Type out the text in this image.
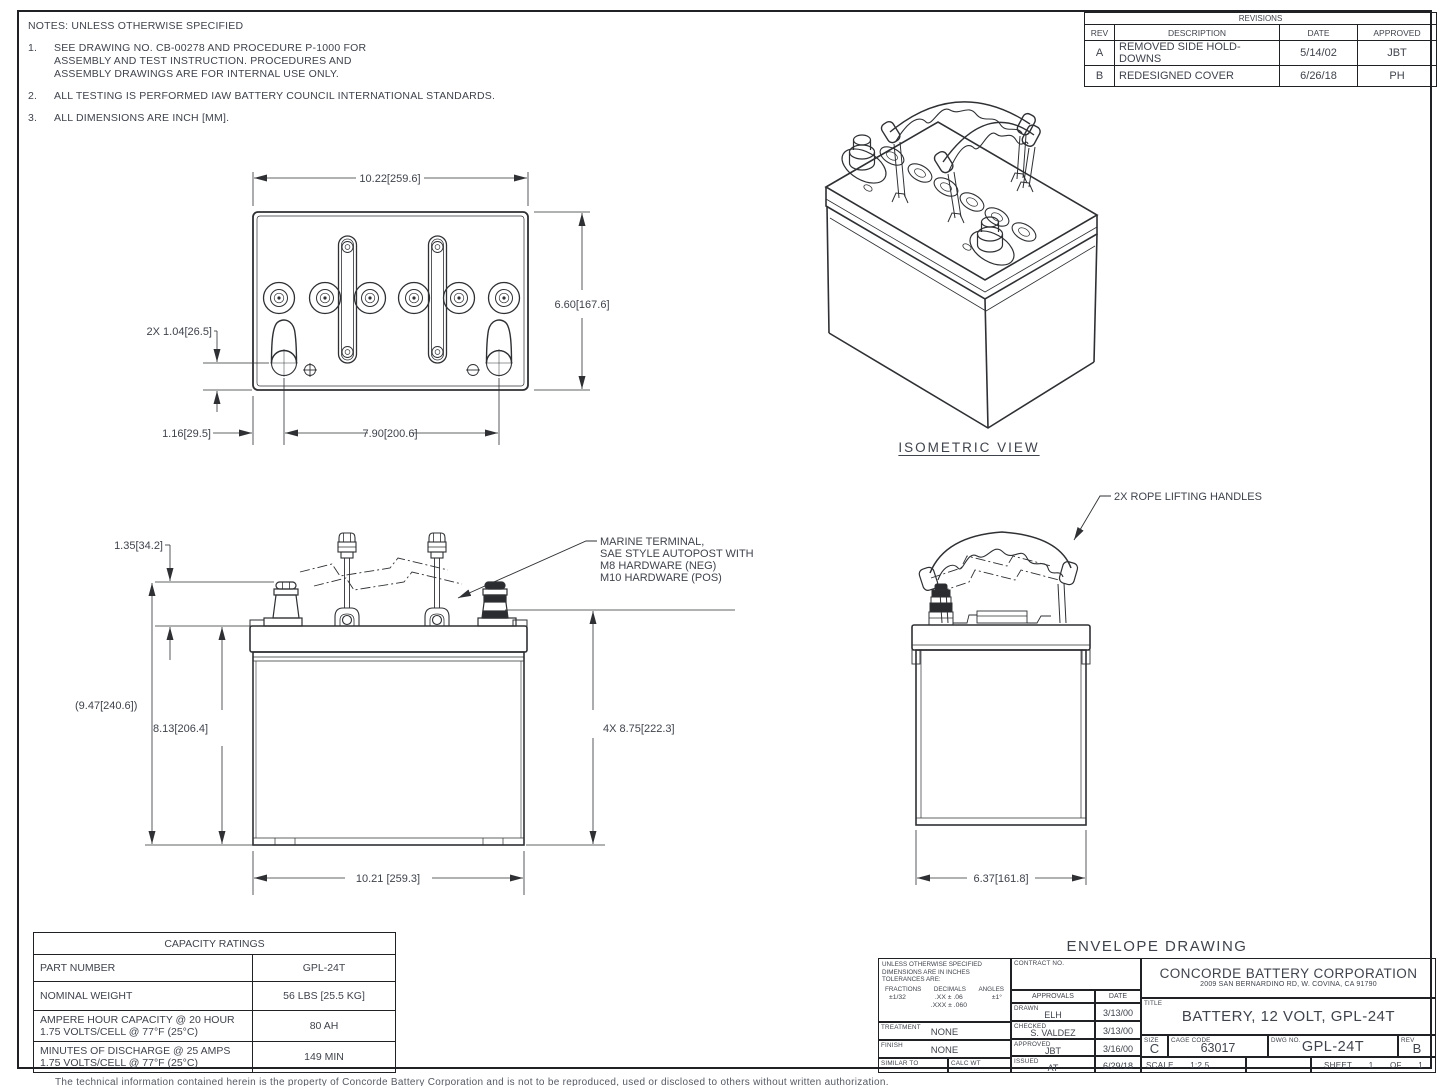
NOTES: UNLESS OTHERWISE SPECIFIED
1.	SEE DRAWING NO. CB-00278 AND PROCEDURE P-1000 FOR ASSEMBLY AND TEST INSTRUCTION. PROCEDURES AND ASSEMBLY DRAWINGS ARE FOR INTERNAL USE ONLY.
2.	ALL TESTING IS PERFORMED IAW BATTERY COUNCIL INTERNATIONAL STANDARDS.
3.	ALL DIMENSIONS ARE INCH [MM].
REVISIONS			
REV	DESCRIPTION	DATE	APPROVED
A	REMOVED SIDE HOLD-DOWNS	5/14/02	JBT
B	REDESIGNED COVER	6/26/18	PH
10.22[259.6]
6.60[167.6]
2X 1.04[26.5]
1.16[29.5]	7.90[200.6]
ISOMETRIC VIEW
1.35[34.2]
(9.47[240.6])
8.13[206.4]	4X 8.75[222.3]
10.21 [259.3]
MARINE TERMINAL,
SAE STYLE AUTOPOST WITH
M8 HARDWARE (NEG)
M10 HARDWARE (POS)
2X ROPE LIFTING HANDLES
6.37[161.8]
CAPACITY RATINGS	
PART NUMBER	GPL-24T
NOMINAL WEIGHT	56 LBS [25.5 KG]
AMPERE HOUR CAPACITY @ 20 HOUR
1.75 VOLTS/CELL @ 77°F (25°C)	80 AH
MINUTES OF DISCHARGE @ 25 AMPS
1.75 VOLTS/CELL @ 77°F (25°C)	149 MIN
ENVELOPE DRAWING
UNLESS OTHERWISE SPECIFIED
DIMENSIONS ARE IN INCHES
TOLERANCES ARE:
FRACTIONS DECIMALS ANGLES
±1/32	.XX ± .06
.XXX ± .060
±1°
TREATMENT	NONE
FINISH	NONE
SIMILAR TO	CALC WT
CONTRACT NO.
APPROVALS	DATE
DRAWN
ELH	3/13/00
CHECKED
S. VALDEZ	3/13/00
APPROVED
JBT	3/16/00
ISSUED
AT	6/29/18
CONCORDE BATTERY CORPORATION
2009 SAN BERNARDINO RD, W. COVINA, CA 91790
TITLE
BATTERY, 12 VOLT, GPL-24T
SIZE
C
CAGE CODE
63017
DWG NO. GPL-24T	REV
B
SCALE 1:2.5	SHEET 1 OF 1
The technical information contained herein is the property of Concorde Battery Corporation and is not to be reproduced, used or disclosed to others without written authorization.
